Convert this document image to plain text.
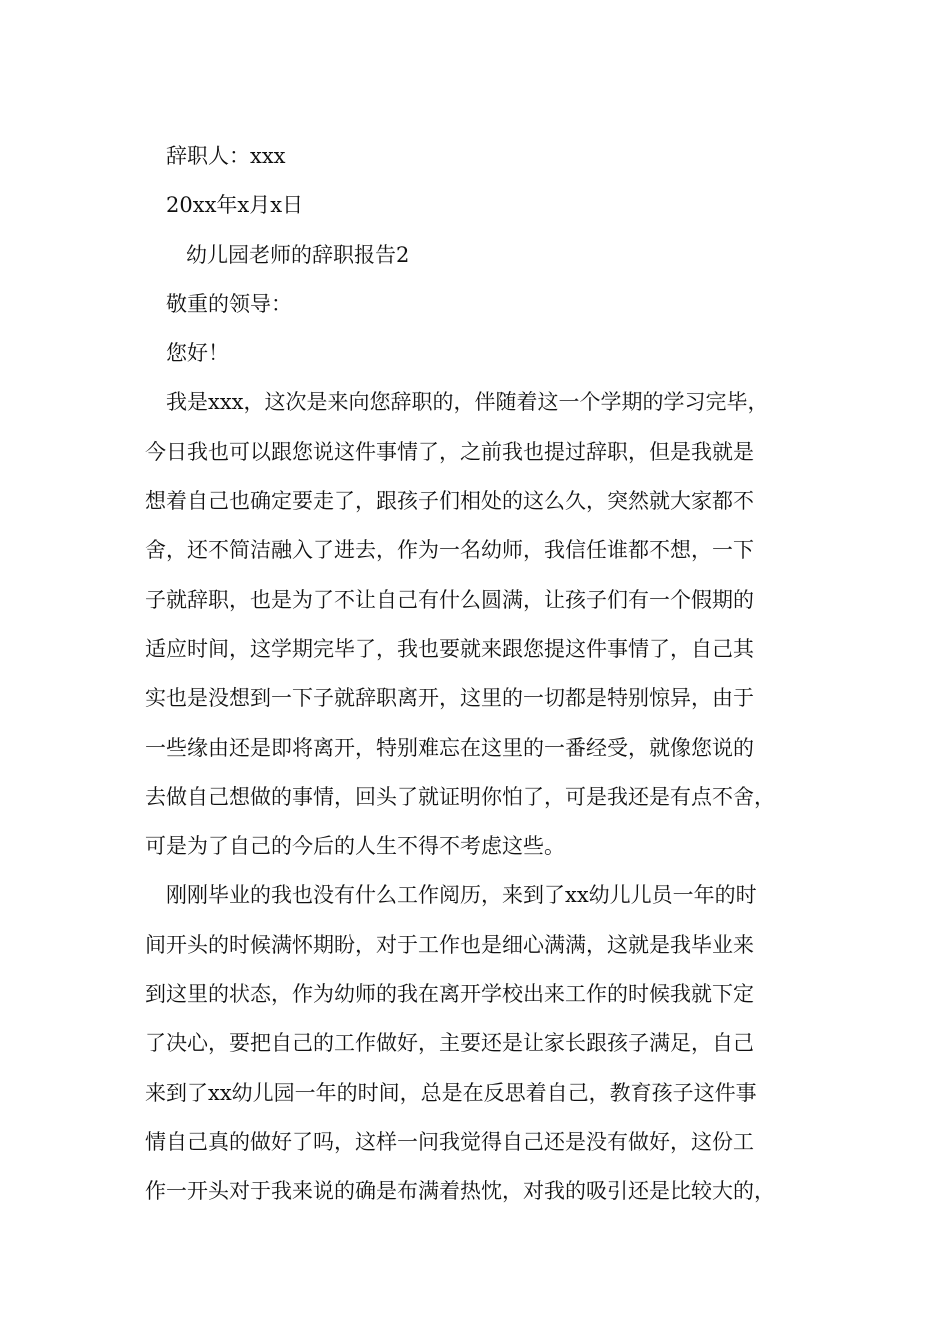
辞职人：xxx
20xx年x月x日
幼儿园老师的辞职报告2
敬重的领导：
您好！
我是xxx，这次是来向您辞职的，伴随着这一个学期的学习完毕，
今日我也可以跟您说这件事情了，之前我也提过辞职，但是我就是
想着自己也确定要走了，跟孩子们相处的这么久，突然就大家都不
舍，还不简洁融入了进去，作为一名幼师，我信任谁都不想，一下
子就辞职，也是为了不让自己有什么圆满，让孩子们有一个假期的
适应时间，这学期完毕了，我也要就来跟您提这件事情了，自己其
实也是没想到一下子就辞职离开，这里的一切都是特别惊异，由于
一些缘由还是即将离开，特别难忘在这里的一番经受，就像您说的
去做自己想做的事情，回头了就证明你怕了，可是我还是有点不舍，
可是为了自己的今后的人生不得不考虑这些。
刚刚毕业的我也没有什么工作阅历，来到了xx幼儿儿员一年的时
间开头的时候满怀期盼，对于工作也是细心满满，这就是我毕业来
到这里的状态，作为幼师的我在离开学校出来工作的时候我就下定
了决心，要把自己的工作做好，主要还是让家长跟孩子满足，自己
来到了xx幼儿园一年的时间，总是在反思着自己，教育孩子这件事
情自己真的做好了吗，这样一问我觉得自己还是没有做好，这份工
作一开头对于我来说的确是布满着热忱，对我的吸引还是比较大的，
